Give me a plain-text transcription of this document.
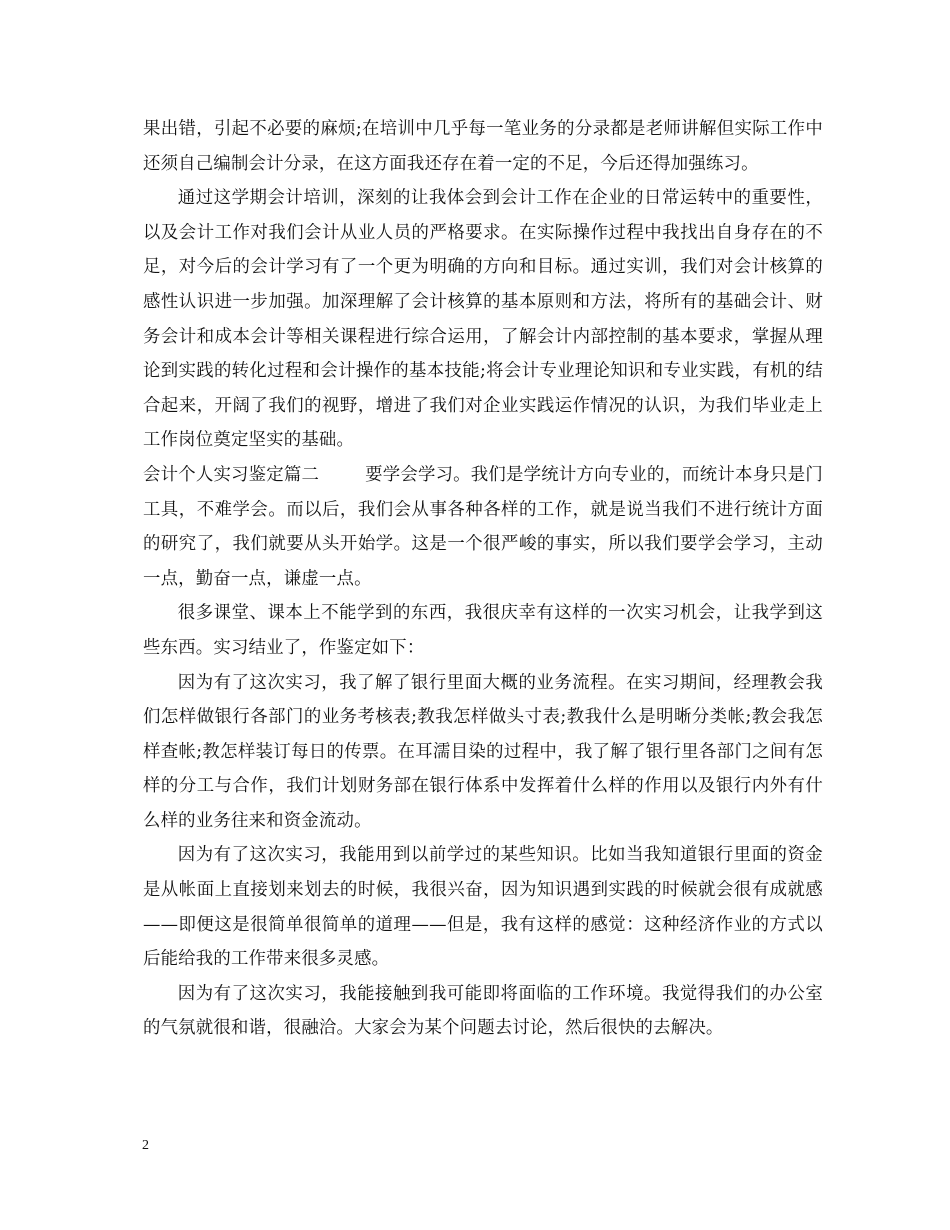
果出错，引起不必要的麻烦;在培训中几乎每一笔业务的分录都是老师讲解但实际工作中还须自己编制会计分录，在这方面我还存在着一定的不足，今后还得加强练习。

通过这学期会计培训，深刻的让我体会到会计工作在企业的日常运转中的重要性，以及会计工作对我们会计从业人员的严格要求。在实际操作过程中我找出自身存在的不足，对今后的会计学习有了一个更为明确的方向和目标。通过实训，我们对会计核算的感性认识进一步加强。加深理解了会计核算的基本原则和方法，将所有的基础会计、财务会计和成本会计等相关课程进行综合运用，了解会计内部控制的基本要求，掌握从理论到实践的转化过程和会计操作的基本技能;将会计专业理论知识和专业实践，有机的结合起来，开阔了我们的视野，增进了我们对企业实践运作情况的认识，为我们毕业走上工作岗位奠定坚实的基础。

会计个人实习鉴定篇二	要学会学习。我们是学统计方向专业的，而统计本身只是门工具，不难学会。而以后，我们会从事各种各样的工作，就是说当我们不进行统计方面的研究了，我们就要从头开始学。这是一个很严峻的事实，所以我们要学会学习，主动一点，勤奋一点，谦虚一点。

很多课堂、课本上不能学到的东西，我很庆幸有这样的一次实习机会，让我学到这些东西。实习结业了，作鉴定如下：

因为有了这次实习，我了解了银行里面大概的业务流程。在实习期间，经理教会我们怎样做银行各部门的业务考核表;教我怎样做头寸表;教我什么是明晰分类帐;教会我怎样查帐;教怎样装订每日的传票。在耳濡目染的过程中，我了解了银行里各部门之间有怎样的分工与合作，我们计划财务部在银行体系中发挥着什么样的作用以及银行内外有什么样的业务往来和资金流动。

因为有了这次实习，我能用到以前学过的某些知识。比如当我知道银行里面的资金是从帐面上直接划来划去的时候，我很兴奋，因为知识遇到实践的时候就会很有成就感——即便这是很简单很简单的道理——但是，我有这样的感觉：这种经济作业的方式以后能给我的工作带来很多灵感。

因为有了这次实习，我能接触到我可能即将面临的工作环境。我觉得我们的办公室的气氛就很和谐，很融洽。大家会为某个问题去讨论，然后很快的去解决。

2
